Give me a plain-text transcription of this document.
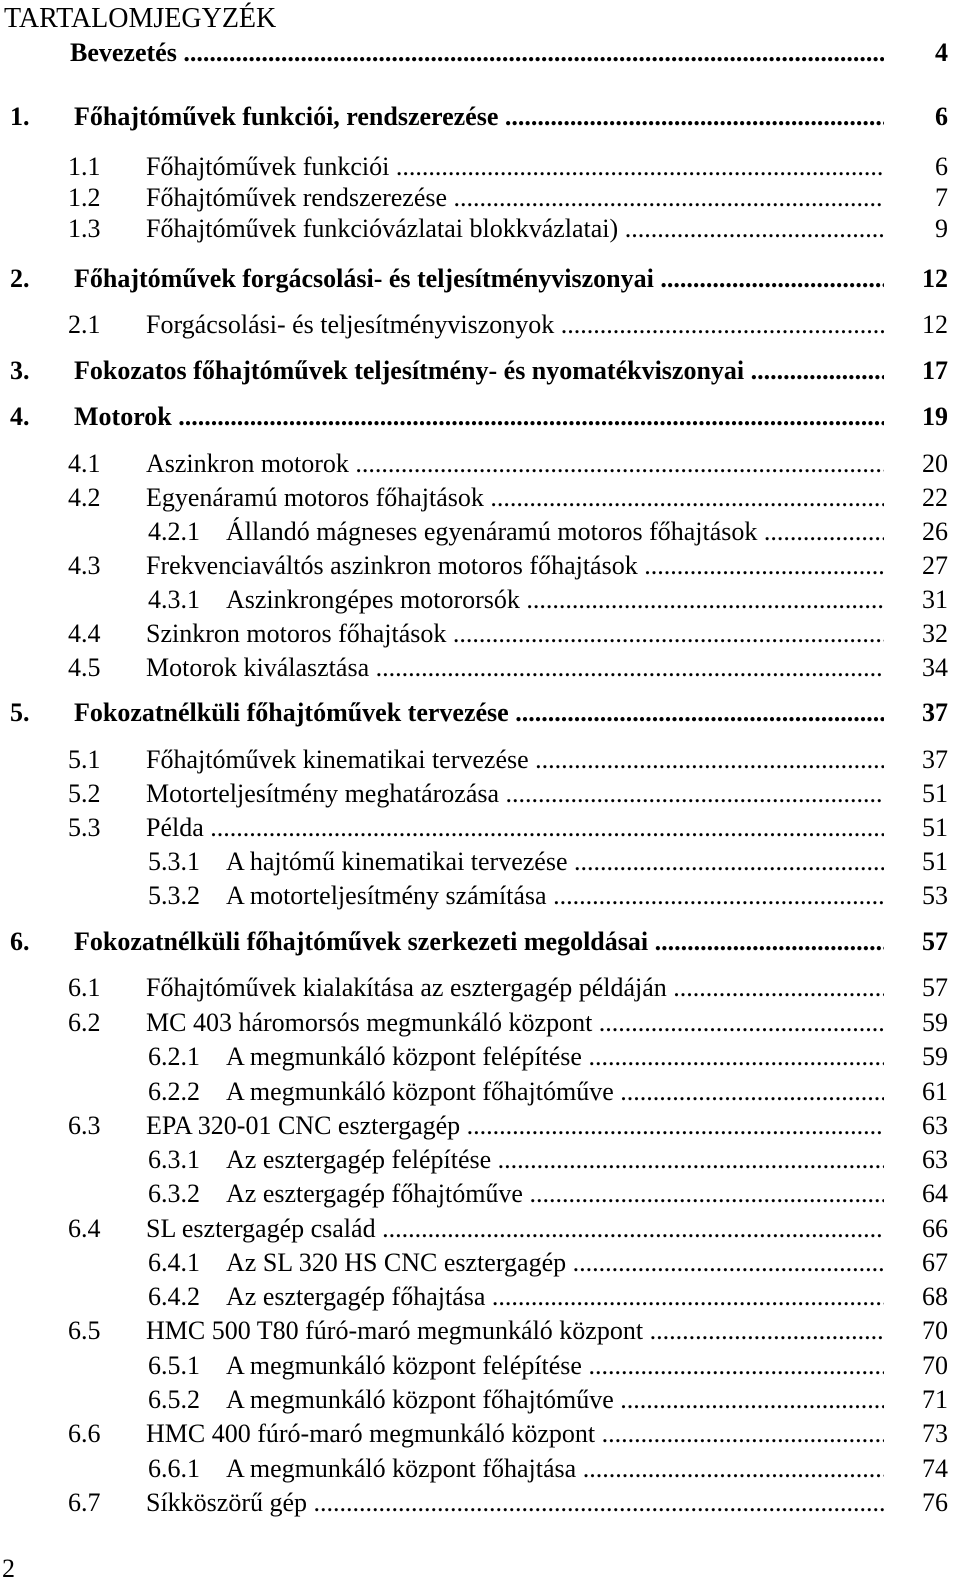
TARTALOMJEGYZÉK
Bevezetés .....	4
1. Főhajtóművek funkciói, rendszerezése .....	6
1.1 Főhajtóművek funkciói .....	6
1.2 Főhajtóművek rendszerezése .....	7
1.3 Főhajtóművek funkcióvázlatai blokkvázlatai) .....	9
2. Főhajtóművek forgácsolási- és teljesítményviszonyai .....	12
2.1 Forgácsolási- és teljesítményviszonyok .....	12
3. Fokozatos főhajtóművek teljesítmény- és nyomatékviszonyai .....	17
4. Motorok .....	19
4.1 Aszinkron motorok .....	20
4.2 Egyenáramú motoros főhajtások .....	22
4.2.1 Állandó mágneses egyenáramú motoros főhajtások .....	26
4.3 Frekvenciaváltós aszinkron motoros főhajtások .....	27
4.3.1 Aszinkrongépes motororsók .....	31
4.4 Szinkron motoros főhajtások .....	32
4.5 Motorok kiválasztása .....	34
5. Fokozatnélküli főhajtóművek tervezése .....	37
5.1 Főhajtóművek kinematikai tervezése .....	37
5.2 Motorteljesítmény meghatározása .....	51
5.3 Példa .....	51
5.3.1 A hajtómű kinematikai tervezése .....	51
5.3.2 A motorteljesítmény számítása .....	53
6. Fokozatnélküli főhajtóművek szerkezeti megoldásai .....	57
6.1 Főhajtóművek kialakítása az esztergagép példáján .....	57
6.2 MC 403 háromorsós megmunkáló központ .....	59
6.2.1 A megmunkáló központ felépítése .....	59
6.2.2 A megmunkáló központ főhajtóműve .....	61
6.3 EPA 320-01 CNC esztergagép .....	63
6.3.1 Az esztergagép felépítése .....	63
6.3.2 Az esztergagép főhajtóműve .....	64
6.4 SL esztergagép család .....	66
6.4.1 Az SL 320 HS CNC esztergagép .....	67
6.4.2 Az esztergagép főhajtása .....	68
6.5 HMC 500 T80 fúró-maró megmunkáló központ .....	70
6.5.1 A megmunkáló központ felépítése .....	70
6.5.2 A megmunkáló központ főhajtóműve .....	71
6.6 HMC 400 fúró-maró megmunkáló központ .....	73
6.6.1 A megmunkáló központ főhajtása .....	74
6.7 Síkköszörű gép .....	76
2
